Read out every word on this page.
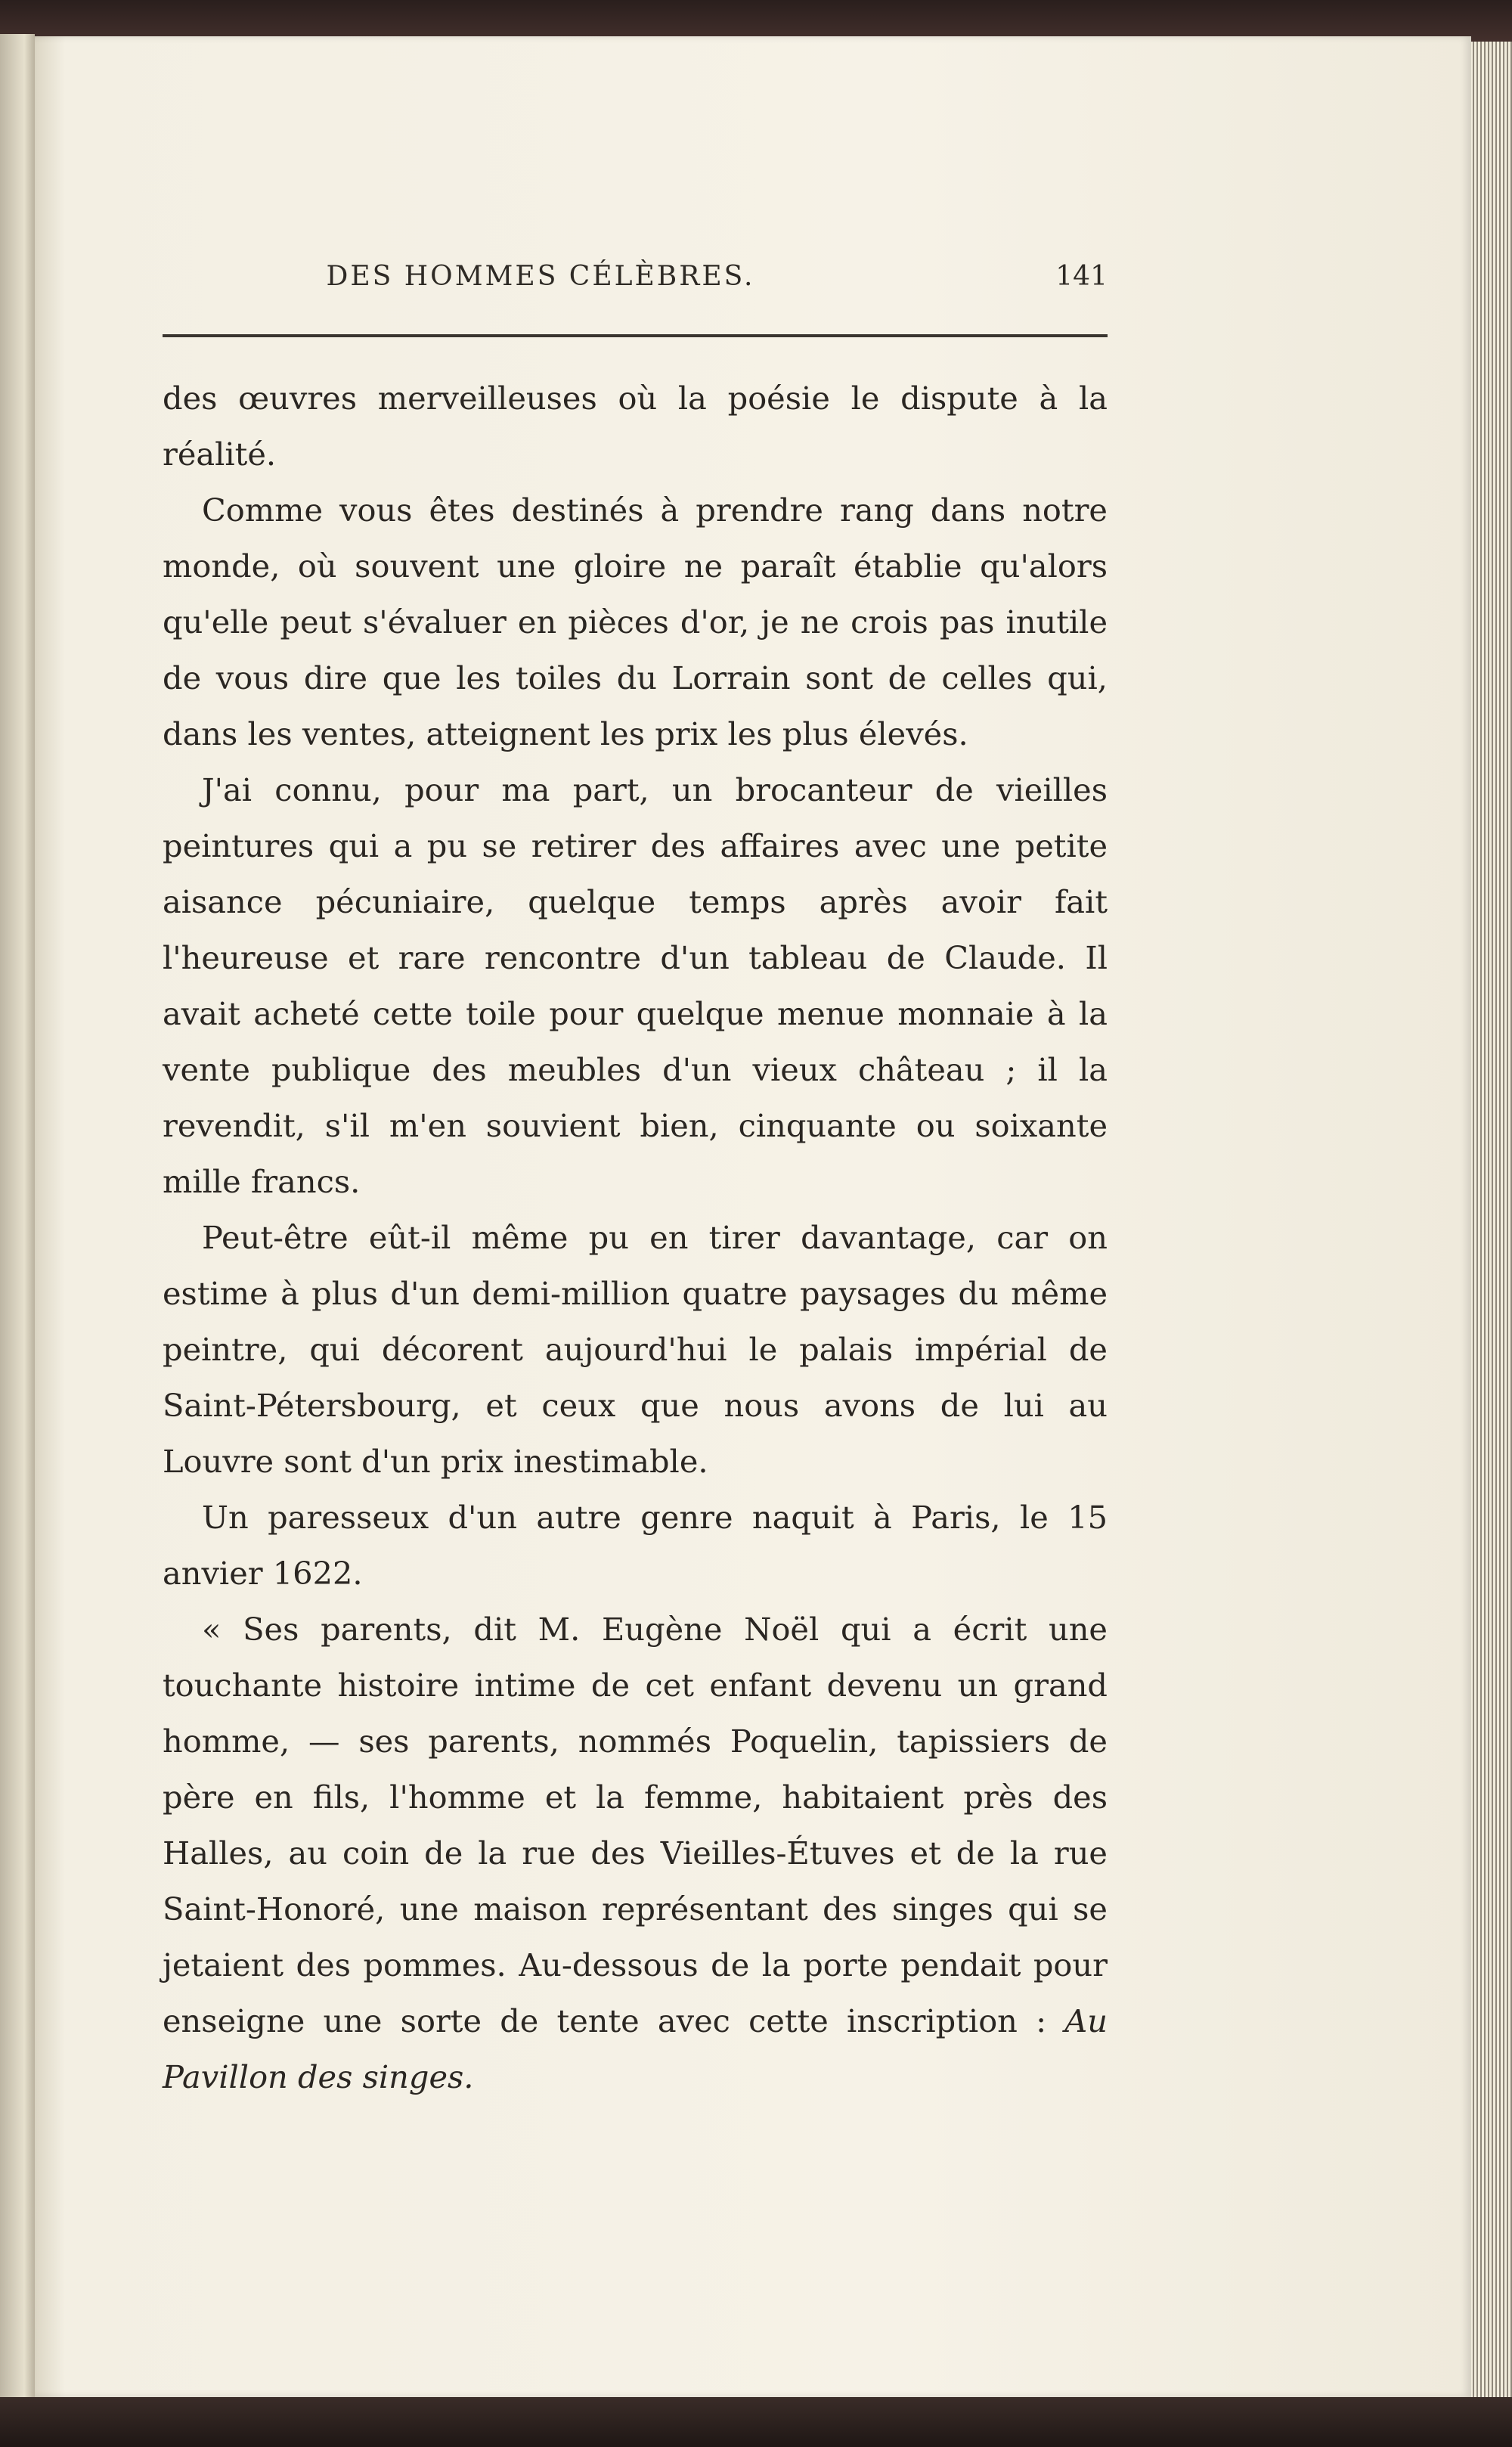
DES HOMMES CÉLÈBRES.	141

des œuvres merveilleuses où la poésie le dispute à la réalité.

Comme vous êtes destinés à prendre rang dans notre monde, où souvent une gloire ne paraît établie qu'alors qu'elle peut s'évaluer en pièces d'or, je ne crois pas inutile de vous dire que les toiles du Lorrain sont de celles qui, dans les ventes, atteignent les prix les plus élevés.

J'ai connu, pour ma part, un brocanteur de vieilles peintures qui a pu se retirer des affaires avec une petite aisance pécuniaire, quelque temps après avoir fait l'heureuse et rare rencontre d'un tableau de Claude. Il avait acheté cette toile pour quelque menue monnaie à la vente publique des meubles d'un vieux château ; il la revendit, s'il m'en souvient bien, cinquante ou soixante mille francs.

Peut-être eût-il même pu en tirer davantage, car on estime à plus d'un demi-million quatre paysages du même peintre, qui décorent aujourd'hui le palais impérial de Saint-Pétersbourg, et ceux que nous avons de lui au Louvre sont d'un prix inestimable.

Un paresseux d'un autre genre naquit à Paris, le 15 anvier 1622.

« Ses parents, dit M. Eugène Noël qui a écrit une touchante histoire intime de cet enfant devenu un grand homme, — ses parents, nommés Poquelin, tapissiers de père en fils, l'homme et la femme, habitaient près des Halles, au coin de la rue des Vieilles-Étuves et de la rue Saint-Honoré, une maison représentant des singes qui se jetaient des pommes. Au-dessous de la porte pendait pour enseigne une sorte de tente avec cette inscription : Au Pavillon des singes.
